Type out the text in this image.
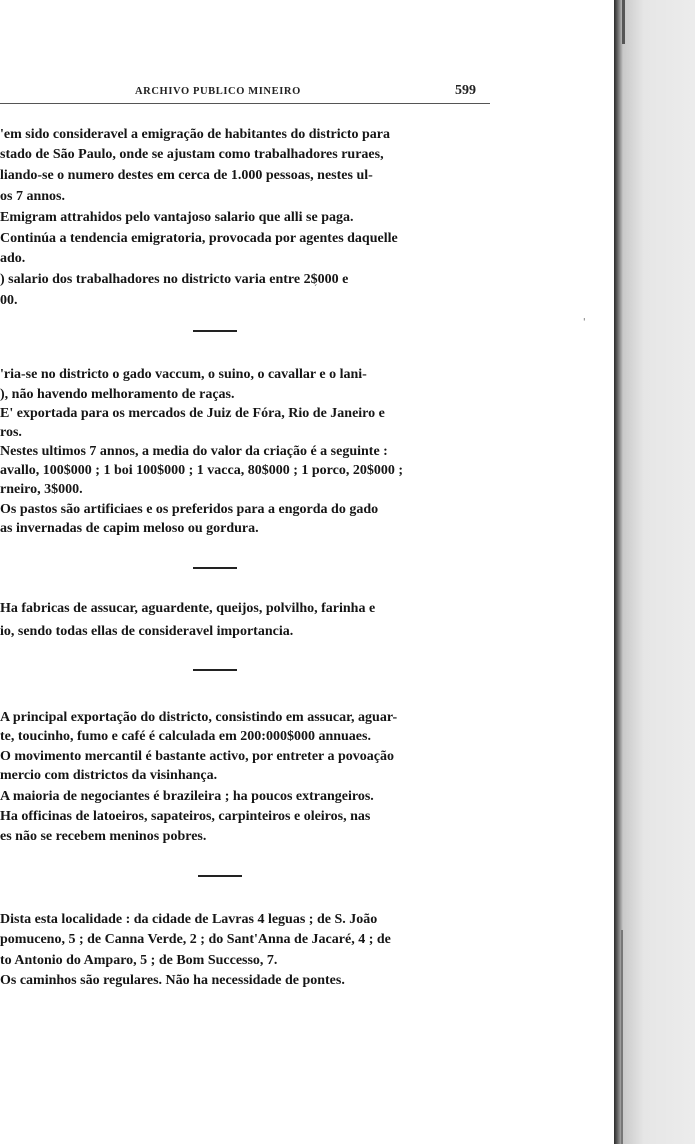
ARCHIVO PUBLICO MINEIRO	599
'em sido consideravel a emigração de habitantes do districto para
stado de São Paulo, onde se ajustam como trabalhadores ruraes,
liando-se o numero destes em cerca de 1.000 pessoas, nestes ul-
os 7 annos.
Emigram attrahidos pelo vantajoso salario que alli se paga.
Continúa a tendencia emigratoria, provocada por agentes daquelle
ado.
) salario dos trabalhadores no districto varia entre 2$000 e
00.
'ria-se no districto o gado vaccum, o suino, o cavallar e o lani-
), não havendo melhoramento de raças.
E' exportada para os mercados de Juiz de Fóra, Rio de Janeiro e
ros.
Nestes ultimos 7 annos, a media do valor da criação é a seguinte :
avallo, 100$000 ; 1 boi 100$000 ; 1 vacca, 80$000 ; 1 porco, 20$000 ;
rneiro, 3$000.
Os pastos são artificiaes e os preferidos para a engorda do gado
as invernadas de capim meloso ou gordura.
Ha fabricas de assucar, aguardente, queijos, polvilho, farinha e
io, sendo todas ellas de consideravel importancia.
A principal exportação do districto, consistindo em assucar, aguar-
te, toucinho, fumo e café é calculada em 200:000$000 annuaes.
O movimento mercantil é bastante activo, por entreter a povoação
mercio com districtos da visinhança.
A maioria de negociantes é brazileira ; ha poucos extrangeiros.
Ha officinas de latoeiros, sapateiros, carpinteiros e oleiros, nas
es não se recebem meninos pobres.
Dista esta localidade : da cidade de Lavras 4 leguas ; de S. João
pomuceno, 5 ; de Canna Verde, 2 ; do Sant'Anna de Jacaré, 4 ; de
to Antonio do Amparo, 5 ; de Bom Successo, 7.
Os caminhos são regulares. Não ha necessidade de pontes.
´
'
